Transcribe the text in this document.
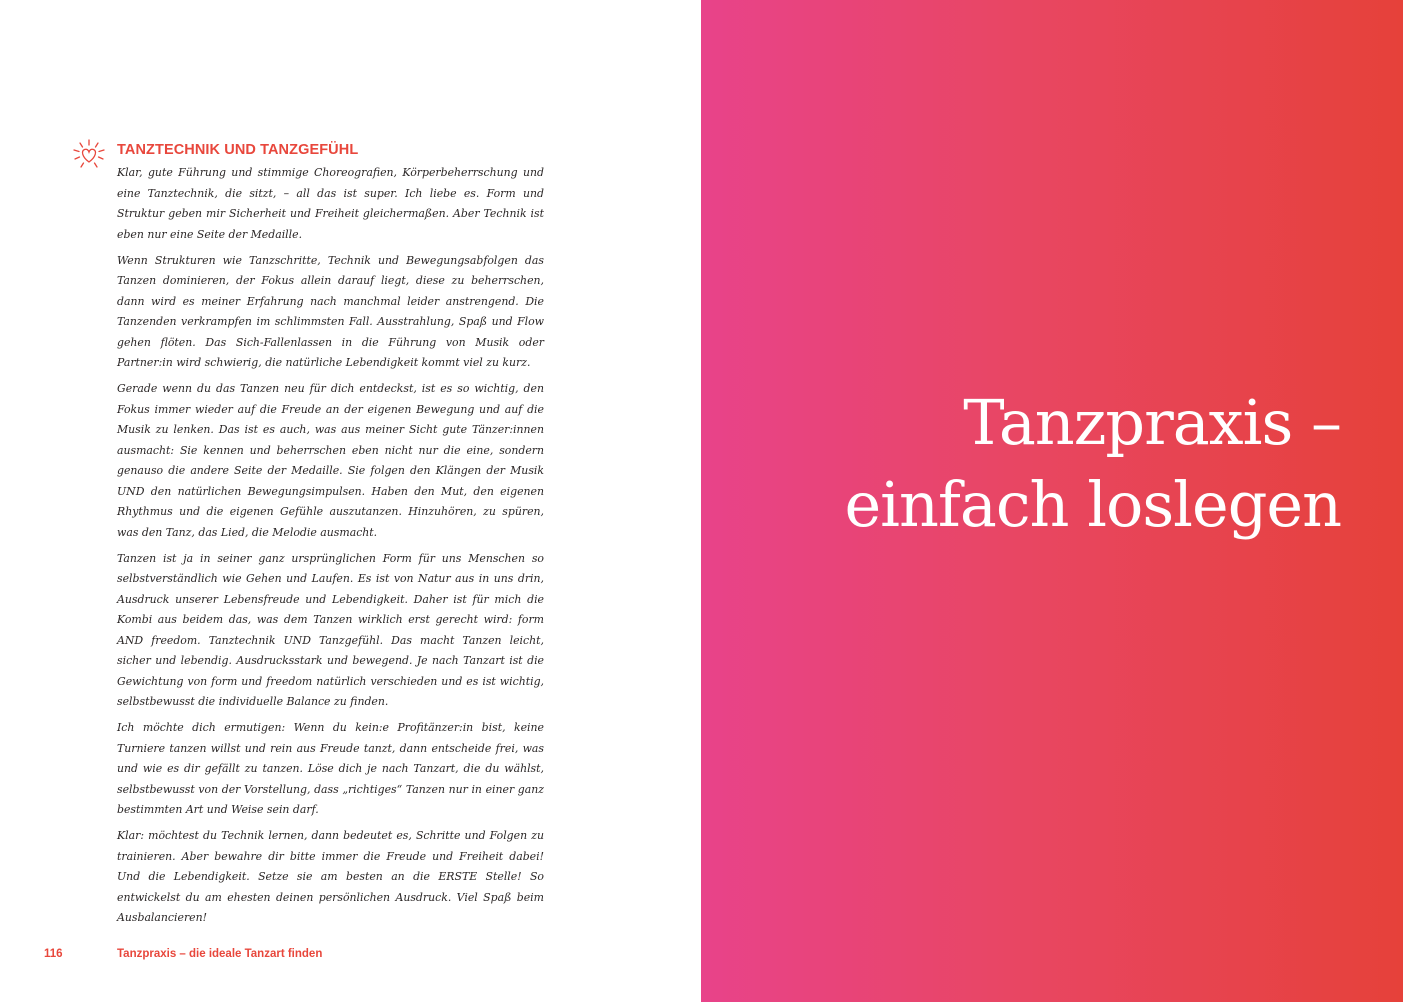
TANZTECHNIK UND TANZGEFÜHL

Klar, gute Führung und stimmige Choreografien, Körperbeherrschung und eine Tanztechnik, die sitzt, – all das ist super. Ich liebe es. Form und Struktur geben mir Sicherheit und Freiheit gleichermaßen. Aber Technik ist eben nur eine Seite der Medaille.

Wenn Strukturen wie Tanzschritte, Technik und Bewegungsabfolgen das Tanzen dominieren, der Fokus allein darauf liegt, diese zu beherrschen, dann wird es meiner Erfahrung nach manchmal leider anstrengend. Die Tanzenden verkrampfen im schlimmsten Fall. Ausstrahlung, Spaß und Flow gehen flöten. Das Sich-Fallenlassen in die Führung von Musik oder Partner:in wird schwierig, die natürliche Lebendigkeit kommt viel zu kurz.

Gerade wenn du das Tanzen neu für dich entdeckst, ist es so wichtig, den Fokus immer wieder auf die Freude an der eigenen Bewegung und auf die Musik zu lenken. Das ist es auch, was aus meiner Sicht gute Tänzer:innen ausmacht: Sie kennen und beherrschen eben nicht nur die eine, sondern genauso die andere Seite der Medaille. Sie folgen den Klängen der Musik UND den natürlichen Bewegungsimpulsen. Haben den Mut, den eigenen Rhythmus und die eigenen Gefühle auszutanzen. Hinzuhören, zu spüren, was den Tanz, das Lied, die Melodie ausmacht.

Tanzen ist ja in seiner ganz ursprünglichen Form für uns Menschen so selbstverständlich wie Gehen und Laufen. Es ist von Natur aus in uns drin, Ausdruck unserer Lebensfreude und Lebendigkeit. Daher ist für mich die Kombi aus beidem das, was dem Tanzen wirklich erst gerecht wird: form AND freedom. Tanztechnik UND Tanzgefühl. Das macht Tanzen leicht, sicher und lebendig. Ausdrucksstark und bewegend. Je nach Tanzart ist die Gewichtung von form und freedom natürlich verschieden und es ist wichtig, selbstbewusst die individuelle Balance zu finden.

Ich möchte dich ermutigen: Wenn du kein:e Profitänzer:in bist, keine Turniere tanzen willst und rein aus Freude tanzt, dann entscheide frei, was und wie es dir gefällt zu tanzen. Löse dich je nach Tanzart, die du wählst, selbstbewusst von der Vorstellung, dass „richtiges“ Tanzen nur in einer ganz bestimmten Art und Weise sein darf.

Klar: möchtest du Technik lernen, dann bedeutet es, Schritte und Folgen zu trainieren. Aber bewahre dir bitte immer die Freude und Freiheit dabei! Und die Lebendigkeit. Setze sie am besten an die ERSTE Stelle! So entwickelst du am ehesten deinen persönlichen Ausdruck. Viel Spaß beim Ausbalancieren!

116	Tanzpraxis – die ideale Tanzart finden
Tanzpraxis –
einfach loslegen
